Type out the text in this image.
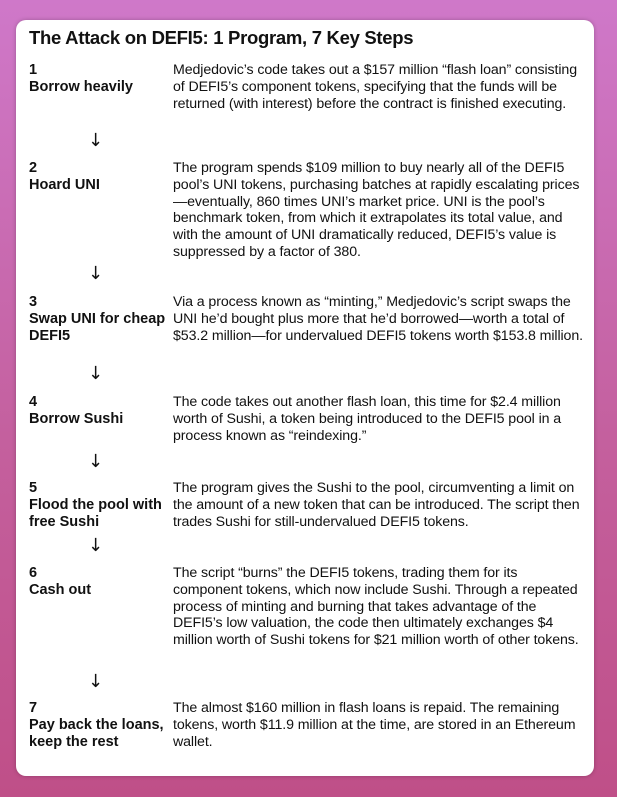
The Attack on DEFI5: 1 Program, 7 Key Steps
1
Borrow heavily
Medjedovic’s code takes out a $157 million “flash loan” consisting of DEFI5’s component tokens, specifying that the funds will be returned (with interest) before the contract is finished executing.
↓
2
Hoard UNI
The program spends $109 million to buy nearly all of the DEFI5 pool’s UNI tokens, purchasing batches at rapidly escalating prices—eventually, 860 times UNI’s market price. UNI is the pool’s benchmark token, from which it extrapolates its total value, and with the amount of UNI dramatically reduced, DEFI5’s value is suppressed by a factor of 380.
↓
3
Swap UNI for cheap DEFI5
Via a process known as “minting,” Medjedovic’s script swaps the UNI he’d bought plus more that he’d borrowed—worth a total of $53.2 million—for undervalued DEFI5 tokens worth $153.8 million.
↓
4
Borrow Sushi
The code takes out another flash loan, this time for $2.4 million worth of Sushi, a token being introduced to the DEFI5 pool in a process known as “reindexing.”
↓
5
Flood the pool with free Sushi
The program gives the Sushi to the pool, circumventing a limit on the amount of a new token that can be introduced. The script then trades Sushi for still-undervalued DEFI5 tokens.
↓
6
Cash out
The script “burns” the DEFI5 tokens, trading them for its component tokens, which now include Sushi. Through a repeated process of minting and burning that takes advantage of the DEFI5’s low valuation, the code then ultimately exchanges $4 million worth of Sushi tokens for $21 million worth of other tokens.
↓
7
Pay back the loans, keep the rest
The almost $160 million in flash loans is repaid. The remaining tokens, worth $11.9 million at the time, are stored in an Ethereum wallet.
